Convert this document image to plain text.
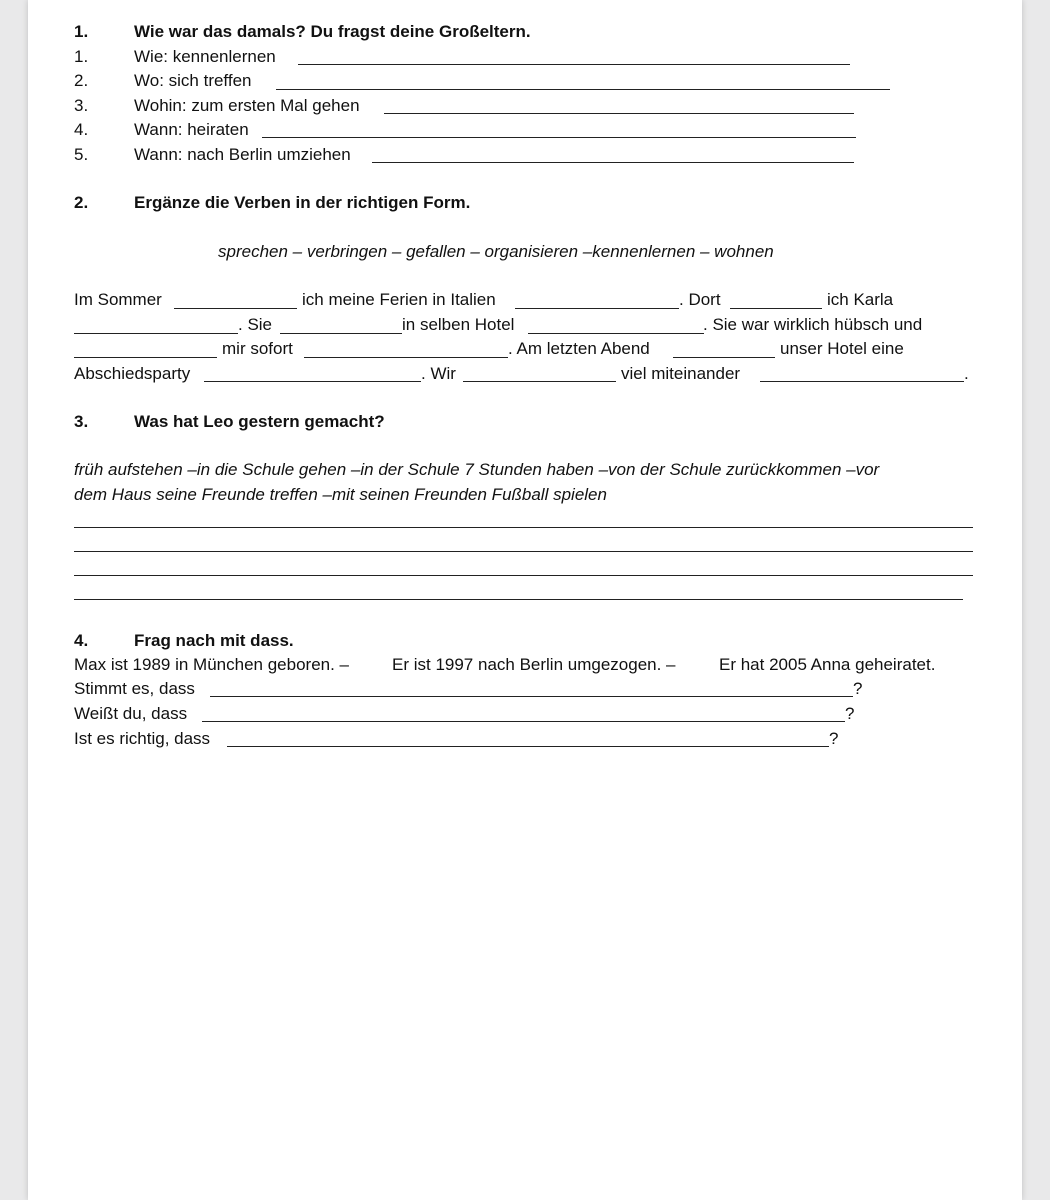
1.	Wie war das damals? Du fragst deine Großeltern.
1.	Wie: kennenlernen
2.	Wo: sich treffen
3.	Wohin: zum ersten Mal gehen
4.	Wann: heiraten
5.	Wann: nach Berlin umziehen
2.	Ergänze die Verben in der richtigen Form.
sprechen – verbringen – gefallen – organisieren –kennenlernen – wohnen
Im Sommer	ich meine Ferien in Italien	. Dort	ich Karla
. Sie	in selben Hotel	. Sie war wirklich hübsch und
mir sofort	. Am letzten Abend	unser Hotel eine
Abschiedsparty	. Wir	viel miteinander	.
3.	Was hat Leo gestern gemacht?
früh aufstehen –in die Schule gehen –in der Schule 7 Stunden haben –von der Schule zurückkommen –vor
dem Haus seine Freunde treffen –mit seinen Freunden Fußball spielen
4.	Frag nach mit dass.
Max ist 1989 in München geboren. –	Er ist 1997 nach Berlin umgezogen. –	Er hat 2005 Anna geheiratet.
Stimmt es, dass	?
Weißt du, dass	?
Ist es richtig, dass	?
